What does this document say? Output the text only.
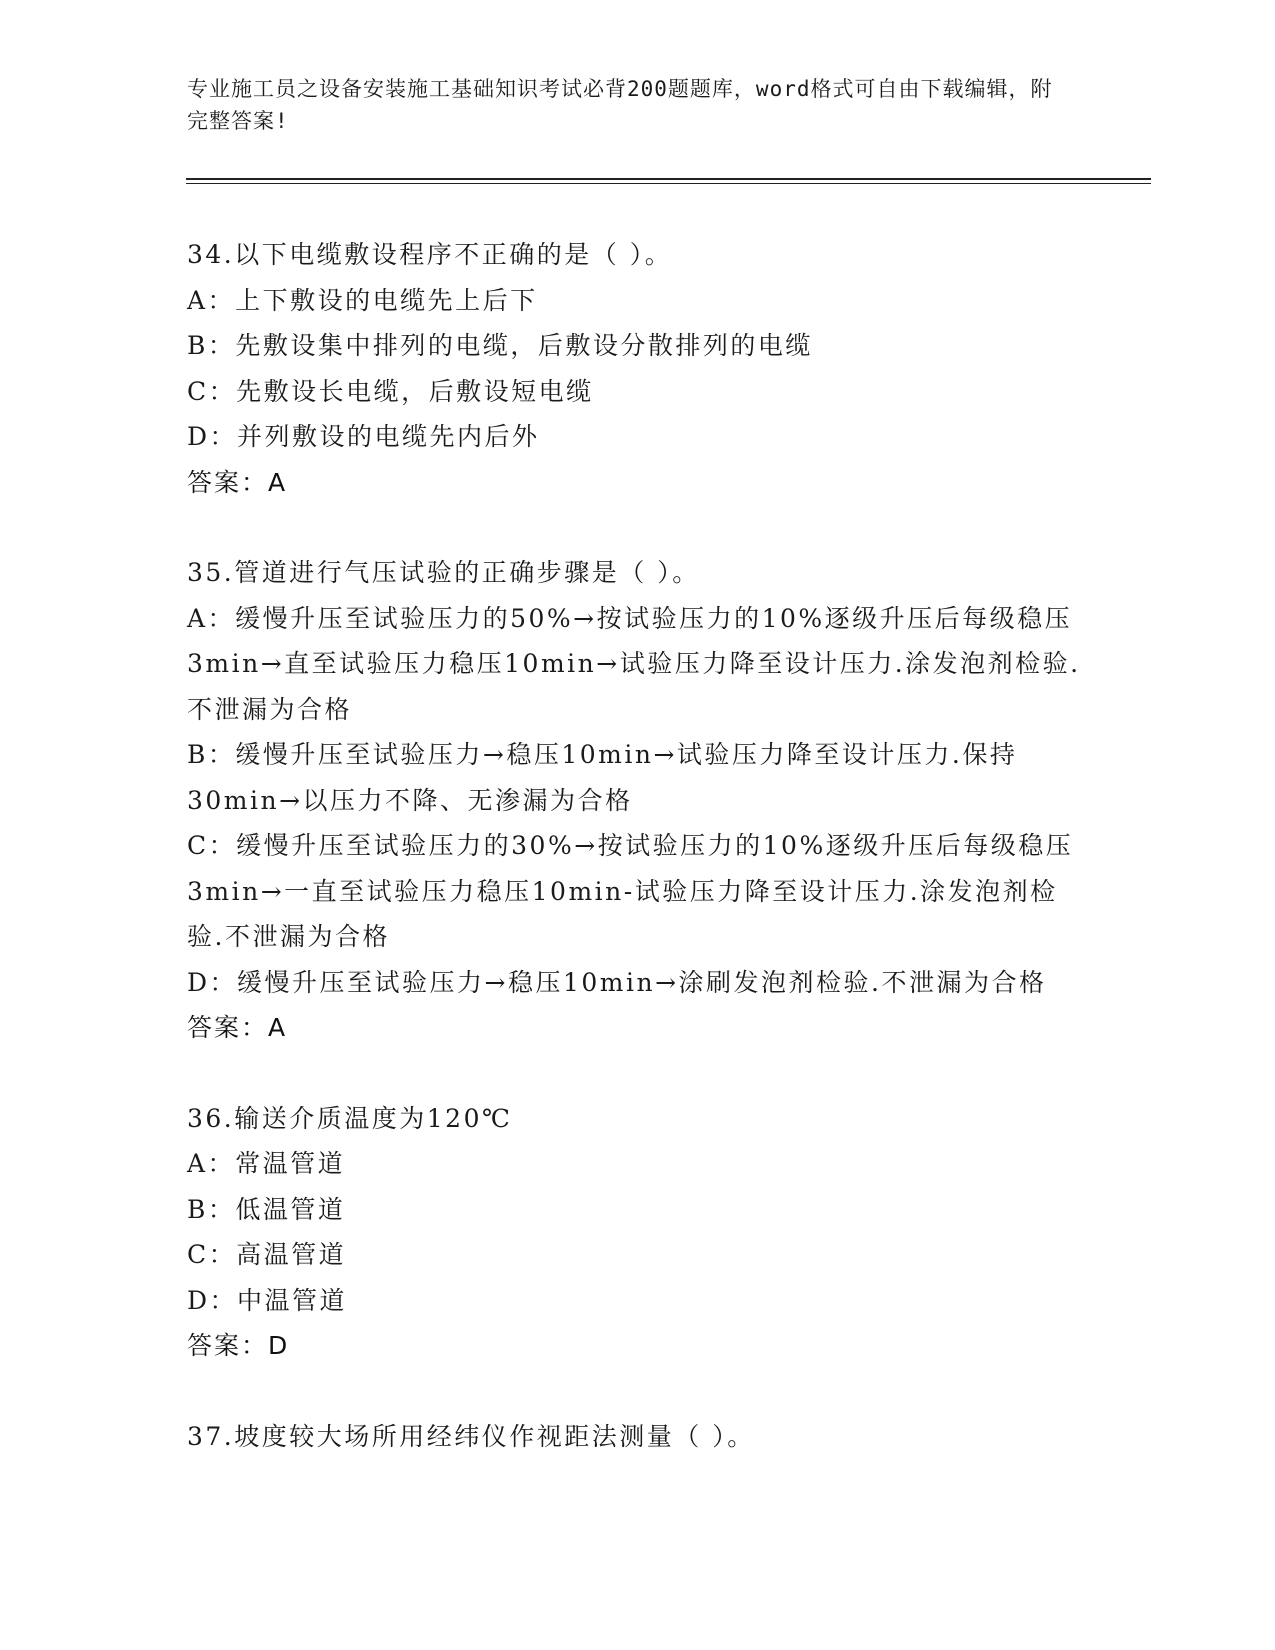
专业施工员之设备安装施工基础知识考试必背200题题库，word格式可自由下载编辑，附完整答案!
34.以下电缆敷设程序不正确的是（ ）。
A：上下敷设的电缆先上后下
B：先敷设集中排列的电缆，后敷设分散排列的电缆
C：先敷设长电缆，后敷设短电缆
D：并列敷设的电缆先内后外
答案：A
35.管道进行气压试验的正确步骤是（ ）。
A：缓慢升压至试验压力的50%→按试验压力的10%逐级升压后每级稳压3min→直至试验压力稳压10min→试验压力降至设计压力.涂发泡剂检验.不泄漏为合格
B：缓慢升压至试验压力→稳压10min→试验压力降至设计压力.保持30min→以压力不降、无渗漏为合格
C：缓慢升压至试验压力的30%→按试验压力的10%逐级升压后每级稳压3min→一直至试验压力稳压10min-试验压力降至设计压力.涂发泡剂检验.不泄漏为合格
D：缓慢升压至试验压力→稳压10min→涂刷发泡剂检验.不泄漏为合格
答案：A
36.输送介质温度为120℃
A：常温管道
B：低温管道
C：高温管道
D：中温管道
答案：D
37.坡度较大场所用经纬仪作视距法测量（ ）。
